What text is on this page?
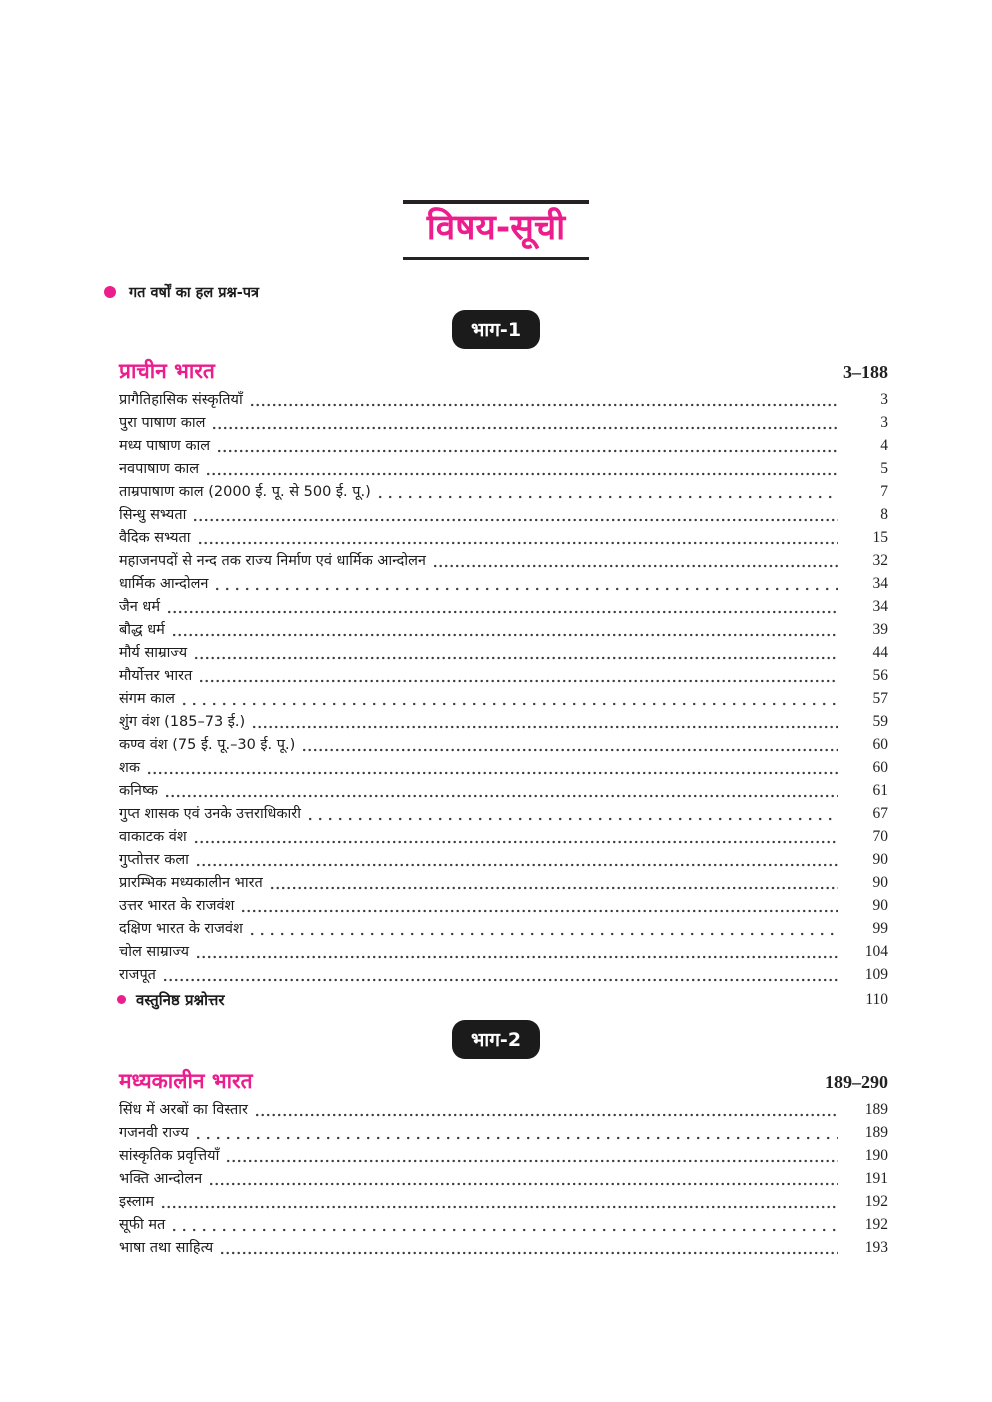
विषय-सूची
गत वर्षों का हल प्रश्न-पत्र
भाग-1
प्राचीन भारत	3–188
प्रागैतिहासिक संस्कृतियाँ	3
पुरा पाषाण काल	3
मध्य पाषाण काल	4
नवपाषाण काल	5
ताम्रपाषाण काल (2000 ई. पू. से 500 ई. पू.)	7
सिन्धु सभ्यता	8
वैदिक सभ्यता	15
महाजनपदों से नन्द तक राज्य निर्माण एवं धार्मिक आन्दोलन	32
धार्मिक आन्दोलन	34
जैन धर्म	34
बौद्ध धर्म	39
मौर्य साम्राज्य	44
मौर्योत्तर भारत	56
संगम काल	57
शुंग वंश (185–73 ई.)	59
कण्व वंश (75 ई. पू.–30 ई. पू.)	60
शक	60
कनिष्क	61
गुप्त शासक एवं उनके उत्तराधिकारी	67
वाकाटक वंश	70
गुप्तोत्तर कला	90
प्रारम्भिक मध्यकालीन भारत	90
उत्तर भारत के राजवंश	90
दक्षिण भारत के राजवंश	99
चोल साम्राज्य	104
राजपूत	109
वस्तुनिष्ठ प्रश्नोत्तर	110
भाग-2
मध्यकालीन भारत	189–290
सिंध में अरबों का विस्तार	189
गजनवी राज्य	189
सांस्कृतिक प्रवृत्तियाँ	190
भक्ति आन्दोलन	191
इस्लाम	192
सूफी मत	192
भाषा तथा साहित्य	193
